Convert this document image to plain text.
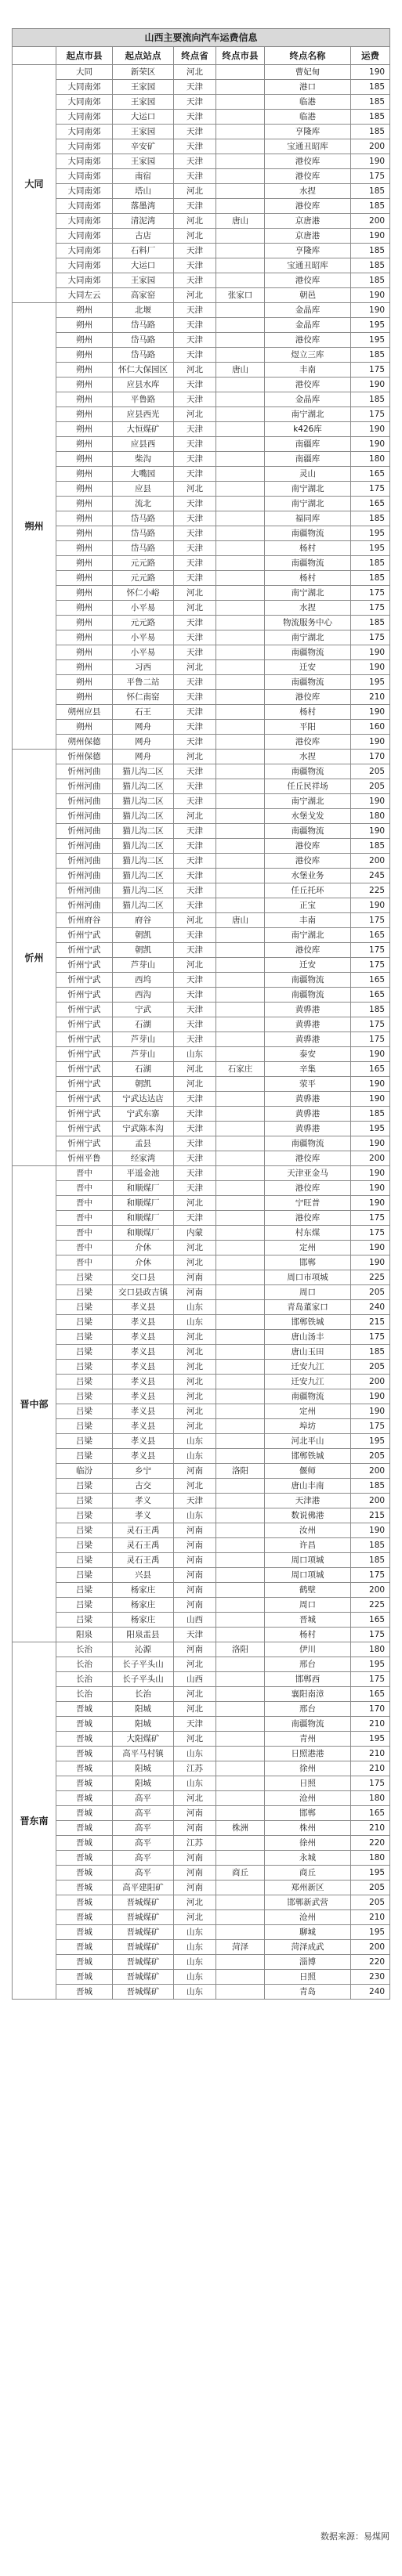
山西主要流向汽车运费信息						
	起点市县	起点站点	终点省	终点市县	终点名称	运费
大同	大同	新荣区	河北		曹妃甸	190
	大同南郊	王家园	天津		港口	185
	大同南郊	王家园	天津		临港	185
	大同南郊	大运口	天津		临港	185
	大同南郊	王家园	天津		亨隆库	185
	大同南郊	辛安矿	天津		宝通丑昭库	200
	大同南郊	王家园	天津		港佼库	190
	大同南郊	南宿	天津		港佼库	175
	大同南郊	塔山	河北		水捏	185
	大同南郊	落墨湾	天津		港佼库	185
	大同南郊	清泥湾	河北	唐山	京唐港	200
	大同南郊	古店	河北		京唐港	190
	大同南郊	石料厂	天津		亨隆库	185
	大同南郊	大运口	天津		宝通丑昭库	185
	大同南郊	王家园	天津		港佼库	185
	大同左云	高家窑	河北	张家口	朝邑	190
朔州	朔州	北堰	天津		金晶库	190
	朔州	岱马路	天津		金晶库	195
	朔州	岱马路	天津		港佼库	195
	朔州	岱马路	天津		煜立三库	185
	朔州	怀仁大保园区	河北	唐山	丰南	175
	朔州	应县水库	天津		港佼库	190
	朔州	平鲁路	天津		金晶库	185
	朔州	应县西光	河北		南宁湖北	175
	朔州	大恒煤矿	天津		k426库	190
	朔州	应县西	天津		南疆库	190
	朔州	柴沟	天津		南疆库	180
	朔州	大嘴园	天津		灵山	165
	朔州	应县	河北		南宁湖北	175
	朔州	流北	天津		南宁湖北	165
	朔州	岱马路	天津		福同库	185
	朔州	岱马路	天津		南疆物流	195
	朔州	岱马路	天津		杨村	195
	朔州	元元路	天津		南疆物流	185
	朔州	元元路	天津		杨村	185
	朔州	怀仁小峪	河北		南宁湖北	175
	朔州	小平易	河北		水捏	175
	朔州	元元路	天津		物流服务中心	185
	朔州	小平易	天津		南宁湖北	175
	朔州	小平易	天津		南疆物流	190
	朔州	习西	河北		迁安	190
	朔州	平鲁二站	天津		南疆物流	195
	朔州	怀仁南窑	天津		港佼库	210
	朔州应县	石王	天津		杨村	190
	朔州	网舟	天津		平阳	160
	朔州保德	网舟	天津		港佼库	190
忻州	忻州保德	网舟	河北		水捏	170
	忻州河曲	猫儿沟二区	天津		南疆物流	205
	忻州河曲	猫儿沟二区	天津		任丘民祥场	205
	忻州河曲	猫儿沟二区	天津		南宁湖北	190
	忻州河曲	猫儿沟二区	河北		水堡戈发	180
	忻州河曲	猫儿沟二区	天津		南疆物流	190
	忻州河曲	猫儿沟二区	天津		港佼库	185
	忻州河曲	猫儿沟二区	天津		港佼库	200
	忻州河曲	猫儿沟二区	天津		水堡业务	245
	忻州河曲	猫儿沟二区	天津		任丘托环	225
	忻州河曲	猫儿沟二区	天津		正宝	190
	忻州府谷	府谷	河北	唐山	丰南	175
	忻州宁武	朝凯	天津		南宁湖北	165
	忻州宁武	朝凯	天津		港佼库	175
	忻州宁武	芦芽山	河北		迁安	175
	忻州宁武	西坞	天津		南疆物流	165
	忻州宁武	西沟	天津		南疆物流	165
	忻州宁武	宁武	天津		黄骅港	185
	忻州宁武	石湖	天津		黄骅港	175
	忻州宁武	芦芽山	天津		黄骅港	175
	忻州宁武	芦芽山	山东		泰安	190
	忻州宁武	石湖	河北	石家庄	辛集	165
	忻州宁武	朝凯	河北		荥平	190
	忻州宁武	宁武达达店	天津		黄骅港	190
	忻州宁武	宁武东寨	天津		黄骅港	185
	忻州宁武	宁武陈本沟	天津		黄骅港	195
	忻州宁武	孟县	天津		南疆物流	190
	忻州平鲁	经家湾	天津		港佼库	200
晋中部	晋中	平遥金池	天津		天津亚金马	190
	晋中	和顺煤厂	天津		港佼库	190
	晋中	和顺煤厂	河北		宁旺普	190
	晋中	和顺煤厂	天津		港佼库	175
	晋中	和顺煤厂	内蒙		村东煤	175
	晋中	介休	河北		定州	190
	晋中	介休	河北		邯郸	190
	吕梁	交口县	河南		周口市项城	225
	吕梁	交口县政吉镇	河南		周口	205
	吕梁	孝义县	山东		青岛董家口	240
	吕梁	孝义县	山东		邯郸铁城	215
	吕梁	孝义县	河北		唐山汤丰	175
	吕梁	孝义县	河北		唐山玉田	185
	吕梁	孝义县	河北		迁安九江	205
	吕梁	孝义县	河北		迁安九江	200
	吕梁	孝义县	河北		南疆物流	190
	吕梁	孝义县	河北		定州	190
	吕梁	孝义县	河北		埠坊	175
	吕梁	孝义县	山东		河北平山	195
	吕梁	孝义县	山东		邯郸铁城	205
	临汾	乡宁	河南	洛阳	偃师	200
	吕梁	古交	河北		唐山丰南	185
	吕梁	孝义	天津		天津港	200
	吕梁	孝义	山东		数说佛港	215
	吕梁	灵石王禹	河南		汝州	190
	吕梁	灵石王禹	河南		许昌	185
	吕梁	灵石王禹	河南		周口项城	185
	吕梁	兴县	河南		周口项城	175
	吕梁	杨家庄	河南		鹤壁	200
	吕梁	杨家庄	河南		周口	225
	吕梁	杨家庄	山西		晋城	165
	阳泉	阳泉盂县	天津		杨村	175
晋东南	长治	沁源	河南	洛阳	伊川	180
	长治	长子平头山	河北		邢台	195
	长治	长子平头山	山西		邯郸西	175
	长治	长治	河北		襄阳南漳	165
	晋城	阳城	河北		邢台	170
	晋城	阳城	天津		南疆物流	210
	晋城	大阳煤矿	河北		青州	195
	晋城	高平马村镇	山东		日照港港	210
	晋城	阳城	江苏		徐州	210
	晋城	阳城	山东		日照	175
	晋城	高平	河北		沧州	180
	晋城	高平	河南		邯郸	165
	晋城	高平	河南	株洲	株州	210
	晋城	高平	江苏		徐州	220
	晋城	高平	河南		永城	180
	晋城	高平	河南	商丘	商丘	195
	晋城	高平建阳矿	河南		郑州新区	205
	晋城	晋城煤矿	河北		邯郸新武营	205
	晋城	晋城煤矿	河北		沧州	210
	晋城	晋城煤矿	山东		聊城	195
	晋城	晋城煤矿	山东	菏泽	菏泽成武	200
	晋城	晋城煤矿	山东		淄博	220
	晋城	晋城煤矿	山东		日照	230
	晋城	晋城煤矿	山东		青岛	240
数据来源：易煤网
